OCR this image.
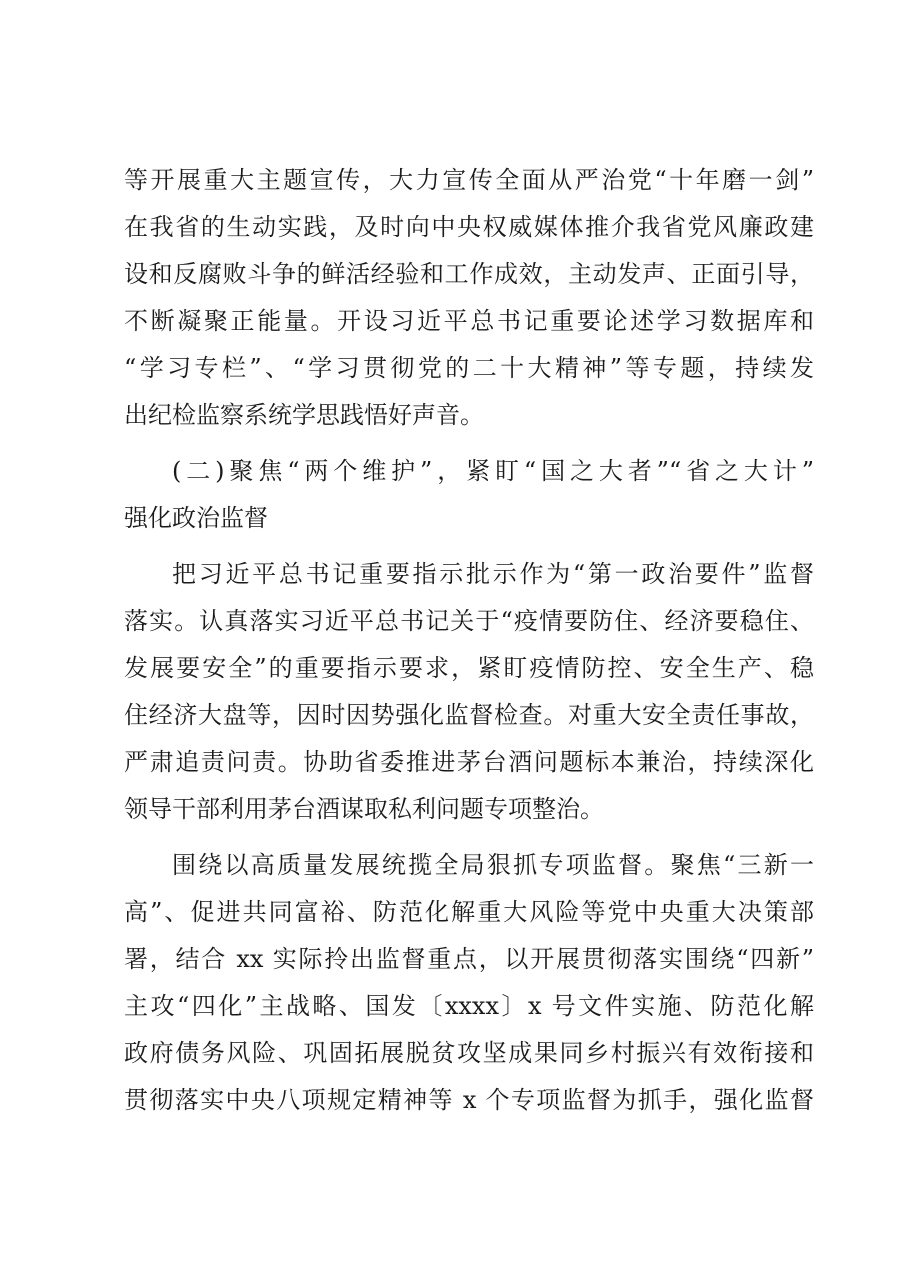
等开展重大主题宣传，大力宣传全面从严治党“十年磨一剑”
在我省的生动实践，及时向中央权威媒体推介我省党风廉政建
设和反腐败斗争的鲜活经验和工作成效，主动发声、正面引导，
不断凝聚正能量。开设习近平总书记重要论述学习数据库和
“学习专栏”、“学习贯彻党的二十大精神”等专题，持续发
出纪检监察系统学思践悟好声音。
(二)聚焦“两个维护”，紧盯“国之大者”“省之大计”
强化政治监督
把习近平总书记重要指示批示作为“第一政治要件”监督
落实。认真落实习近平总书记关于“疫情要防住、经济要稳住、
发展要安全”的重要指示要求，紧盯疫情防控、安全生产、稳
住经济大盘等，因时因势强化监督检查。对重大安全责任事故，
严肃追责问责。协助省委推进茅台酒问题标本兼治，持续深化
领导干部利用茅台酒谋取私利问题专项整治。
围绕以高质量发展统揽全局狠抓专项监督。聚焦“三新一
高”、促进共同富裕、防范化解重大风险等党中央重大决策部
署，结合 xx 实际拎出监督重点，以开展贯彻落实围绕“四新”
主攻“四化”主战略、国发〔xxxx〕x 号文件实施、防范化解
政府债务风险、巩固拓展脱贫攻坚成果同乡村振兴有效衔接和
贯彻落实中央八项规定精神等 x 个专项监督为抓手，强化监督
